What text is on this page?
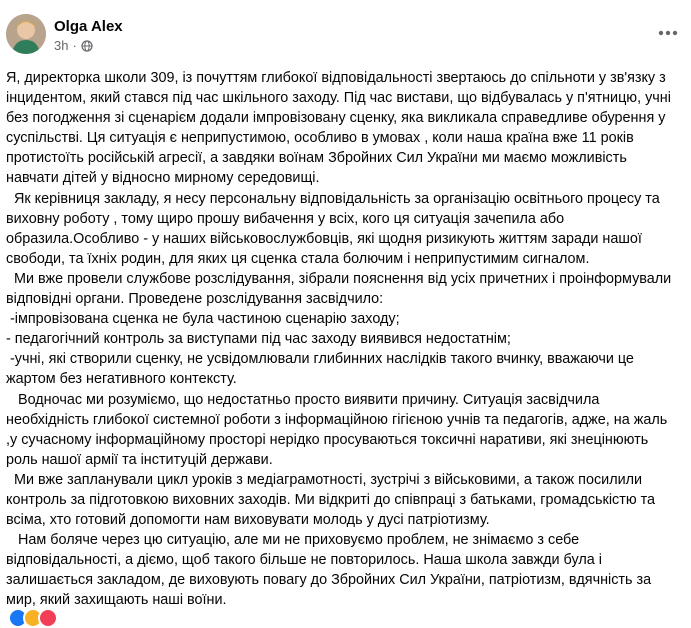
Olga Alex
3h ·
Я, директорка школи 309, із почуттям глибокої відповідальності звертаюсь до спільноти у зв'язку з інцидентом, який стався під час шкільного заходу. Під час вистави, що відбувалась у п'ятницю, учні без погодження зі сценарієм додали імпровізовану сценку, яка викликала справедливе обурення у суспільстві. Ця ситуація є неприпустимою, особливо в умовах , коли наша країна вже 11 років протистоїть російській агресії, а завдяки воїнам Збройних Сил України ми маємо можливість навчати дітей у відносно мирному середовищі.
Як керівниця закладу, я несу персональну відповідальність за організацію освітнього процесу та виховну роботу , тому щиро прошу вибачення у всіх, кого ця ситуація зачепила або образила.Особливо - у наших військовослужбовців, які щодня ризикують життям заради нашої свободи, та їхніх родин, для яких ця сценка стала болючим і неприпустимим сигналом.
Ми вже провели службове розслідування, зібрали пояснення від усіх причетних і проінформували відповідні органи. Проведене розслідування засвідчило:
-імпровізована сценка не була частиною сценарію заходу;
- педагогічний контроль за виступами під час заходу виявився недостатнім;
-учні, які створили сценку, не усвідомлювали глибинних наслідків такого вчинку, вважаючи це жартом без негативного контексту.
Водночас ми розуміємо, що недостатньо просто виявити причину. Ситуація засвідчила необхідність глибокої системної роботи з інформаційною гігієною учнів та педагогів, адже, на жаль ,у сучасному інформаційному просторі нерідко просуваються токсичні наративи, які знецінюють роль нашої армії та інституцій держави.
Ми вже запланували цикл уроків з медіаграмотності, зустрічі з військовими, а також посилили контроль за підготовкою виховних заходів. Ми відкриті до співпраці з батьками, громадськістю та всіма, хто готовий допомогти нам виховувати молодь у дусі патріотизму.
Нам боляче через цю ситуацію, але ми не приховуємо проблем, не знімаємо з себе відповідальності, а діємо, щоб такого більше не повторилось. Наша школа завжди була і залишається закладом, де виховують повагу до Збройних Сил України, патріотизм, вдячність за мир, який захищають наші воїни.
